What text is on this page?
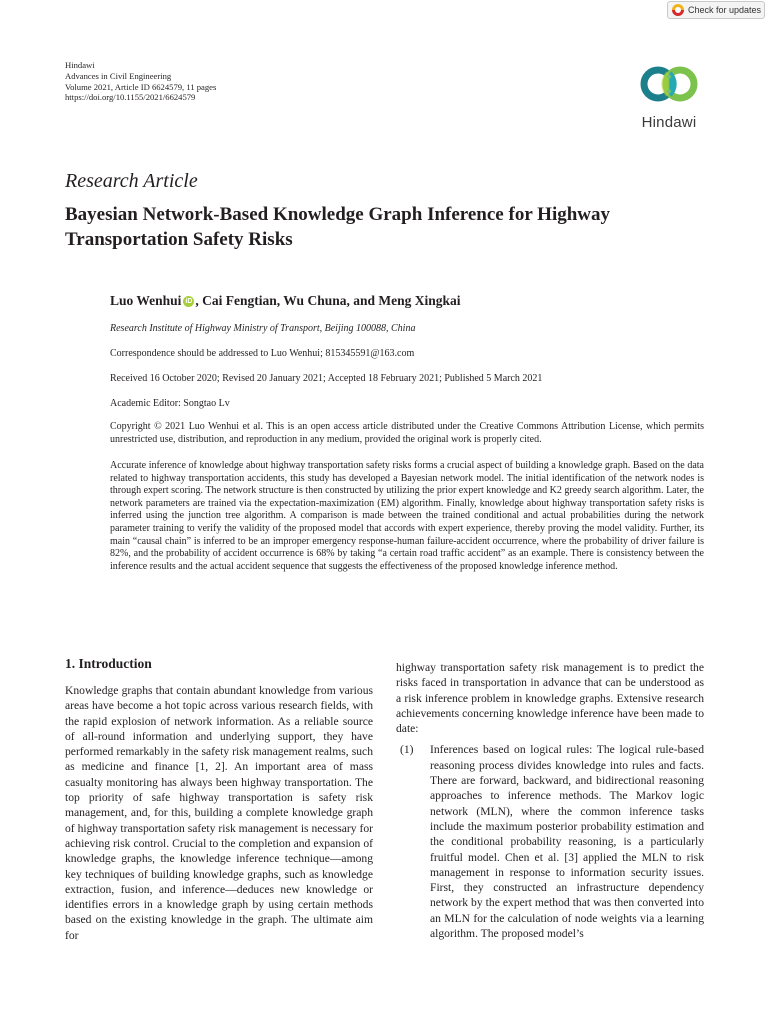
Check for updates
Hindawi
Advances in Civil Engineering
Volume 2021, Article ID 6624579, 11 pages
https://doi.org/10.1155/2021/6624579
Hindawi
Research Article
Bayesian Network-Based Knowledge Graph Inference for Highway Transportation Safety Risks
Luo Wenhui iD , Cai Fengtian, Wu Chuna, and Meng Xingkai
Research Institute of Highway Ministry of Transport, Beijing 100088, China
Correspondence should be addressed to Luo Wenhui; 815345591@163.com
Received 16 October 2020; Revised 20 January 2021; Accepted 18 February 2021; Published 5 March 2021
Academic Editor: Songtao Lv
Copyright © 2021 Luo Wenhui et al. This is an open access article distributed under the Creative Commons Attribution License, which permits unrestricted use, distribution, and reproduction in any medium, provided the original work is properly cited.
Accurate inference of knowledge about highway transportation safety risks forms a crucial aspect of building a knowledge graph. Based on the data related to highway transportation accidents, this study has developed a Bayesian network model. The initial identification of the network nodes is through expert scoring. The network structure is then constructed by utilizing the prior expert knowledge and K2 greedy search algorithm. Later, the network parameters are trained via the expectation-maximization (EM) algorithm. Finally, knowledge about highway transportation safety risks is inferred using the junction tree algorithm. A comparison is made between the trained conditional and actual probabilities during the network parameter training to verify the validity of the proposed model that accords with expert experience, thereby proving the model validity. Further, its main “causal chain” is inferred to be an improper emergency response-human failure-accident occurrence, where the probability of driver failure is 82%, and the probability of accident occurrence is 68% by taking “a certain road traffic accident” as an example. There is consistency between the inference results and the actual accident sequence that suggests the effectiveness of the proposed knowledge inference method.
1. Introduction

Knowledge graphs that contain abundant knowledge from various areas have become a hot topic across various research fields, with the rapid explosion of network information. As a reliable source of all-round information and underlying support, they have performed remarkably in the safety risk management realms, such as medicine and finance [1, 2]. An important area of mass casualty monitoring has always been highway transportation. The top priority of safe highway transportation is safety risk management, and, for this, building a complete knowledge graph of highway transportation safety risk management is necessary for achieving risk control. Crucial to the completion and expansion of knowledge graphs, the knowledge inference technique—among key techniques of building knowledge graphs, such as knowledge extraction, fusion, and inference—deduces new knowledge or identifies errors in a knowledge graph by using certain methods based on the existing knowledge in the graph. The ultimate aim for

highway transportation safety risk management is to predict the risks faced in transportation in advance that can be understood as a risk inference problem in knowledge graphs. Extensive research achievements concerning knowledge inference have been made to date:

(1)	Inferences based on logical rules: The logical rule-based reasoning process divides knowledge into rules and facts. There are forward, backward, and bidirectional reasoning approaches to inference methods. The Markov logic network (MLN), where the common inference tasks include the maximum posterior probability estimation and the conditional probability reasoning, is a particularly fruitful model. Chen et al. [3] applied the MLN to risk management in response to information security issues. First, they constructed an infrastructure dependency network by the expert method that was then converted into an MLN for the calculation of node weights via a learning algorithm. The proposed model’s
